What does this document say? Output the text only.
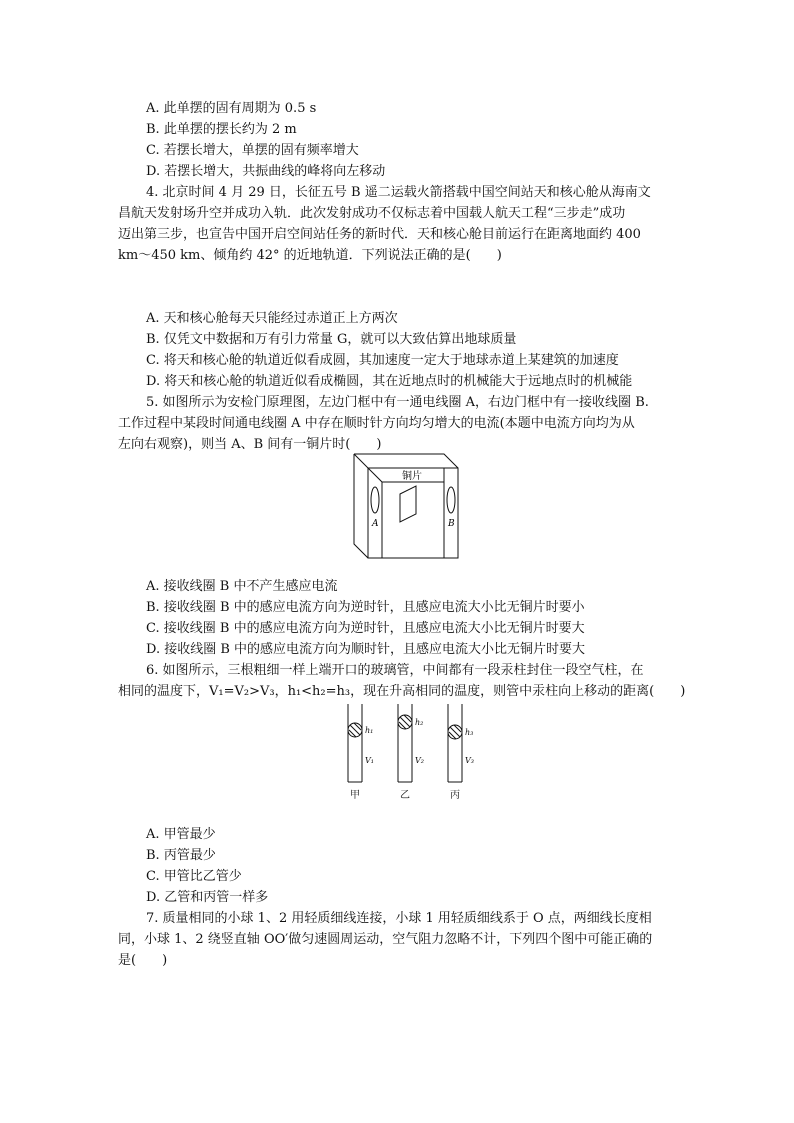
A. 此单摆的固有周期为 0.5 s
B. 此单摆的摆长约为 2 m
C. 若摆长增大，单摆的固有频率增大
D. 若摆长增大，共振曲线的峰将向左移动
4. 北京时间 4 月 29 日，长征五号 B 遥二运载火箭搭载中国空间站天和核心舱从海南文
昌航天发射场升空并成功入轨．此次发射成功不仅标志着中国载人航天工程“三步走”成功
迈出第三步，也宣告中国开启空间站任务的新时代．天和核心舱目前运行在距离地面约 400
km～450 km、倾角约 42° 的近地轨道．下列说法正确的是(　　)
A. 天和核心舱每天只能经过赤道正上方两次
B. 仅凭文中数据和万有引力常量 G，就可以大致估算出地球质量
C. 将天和核心舱的轨道近似看成圆，其加速度一定大于地球赤道上某建筑的加速度
D. 将天和核心舱的轨道近似看成椭圆，其在近地点时的机械能大于远地点时的机械能
5. 如图所示为安检门原理图，左边门框中有一通电线圈 A，右边门框中有一接收线圈 B.
工作过程中某段时间通电线圈 A 中存在顺时针方向均匀增大的电流(本题中电流方向均为从
左向右观察)，则当 A、B 间有一铜片时(　　)
铜片
A	B
A. 接收线圈 B 中不产生感应电流
B. 接收线圈 B 中的感应电流方向为逆时针，且感应电流大小比无铜片时要小
C. 接收线圈 B 中的感应电流方向为逆时针，且感应电流大小比无铜片时要大
D. 接收线圈 B 中的感应电流方向为顺时针，且感应电流大小比无铜片时要大
6. 如图所示，三根粗细一样上端开口的玻璃管，中间都有一段汞柱封住一段空气柱，在
相同的温度下，V₁=V₂>V₃，h₁<h₂=h₃，现在升高相同的温度，则管中汞柱向上移动的距离(　　)
h₁
V₁
h₂
V₂
h₃
V₃
甲	乙	丙
A. 甲管最少
B. 丙管最少
C. 甲管比乙管少
D. 乙管和丙管一样多
7. 质量相同的小球 1、2 用轻质细线连接，小球 1 用轻质细线系于 O 点，两细线长度相
同，小球 1、2 绕竖直轴 OO′做匀速圆周运动，空气阻力忽略不计，下列四个图中可能正确的
是(　　)
